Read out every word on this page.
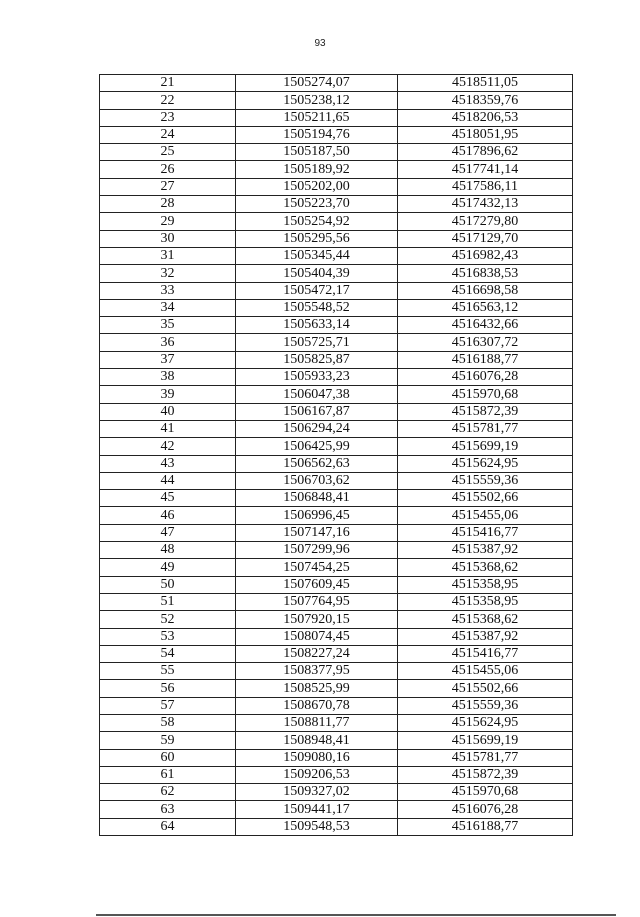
93
21	1505274,07	4518511,05
22	1505238,12	4518359,76
23	1505211,65	4518206,53
24	1505194,76	4518051,95
25	1505187,50	4517896,62
26	1505189,92	4517741,14
27	1505202,00	4517586,11
28	1505223,70	4517432,13
29	1505254,92	4517279,80
30	1505295,56	4517129,70
31	1505345,44	4516982,43
32	1505404,39	4516838,53
33	1505472,17	4516698,58
34	1505548,52	4516563,12
35	1505633,14	4516432,66
36	1505725,71	4516307,72
37	1505825,87	4516188,77
38	1505933,23	4516076,28
39	1506047,38	4515970,68
40	1506167,87	4515872,39
41	1506294,24	4515781,77
42	1506425,99	4515699,19
43	1506562,63	4515624,95
44	1506703,62	4515559,36
45	1506848,41	4515502,66
46	1506996,45	4515455,06
47	1507147,16	4515416,77
48	1507299,96	4515387,92
49	1507454,25	4515368,62
50	1507609,45	4515358,95
51	1507764,95	4515358,95
52	1507920,15	4515368,62
53	1508074,45	4515387,92
54	1508227,24	4515416,77
55	1508377,95	4515455,06
56	1508525,99	4515502,66
57	1508670,78	4515559,36
58	1508811,77	4515624,95
59	1508948,41	4515699,19
60	1509080,16	4515781,77
61	1509206,53	4515872,39
62	1509327,02	4515970,68
63	1509441,17	4516076,28
64	1509548,53	4516188,77
